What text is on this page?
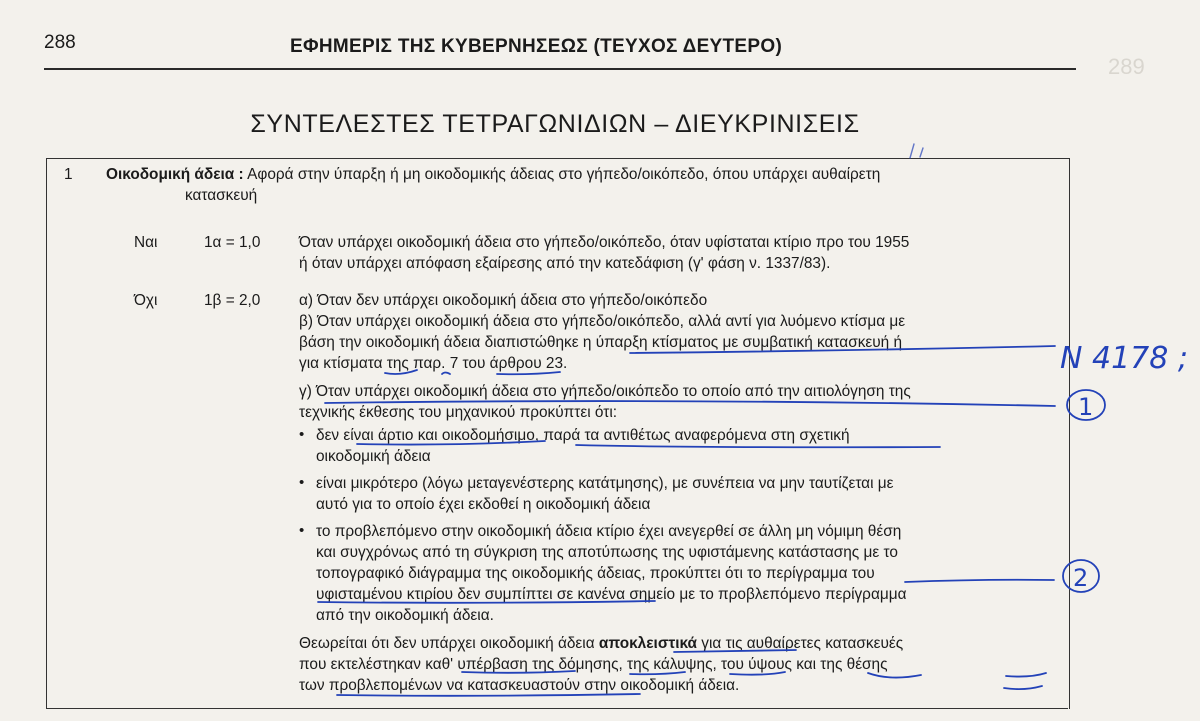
289
288	ΕΦΗΜΕΡΙΣ ΤΗΣ ΚΥΒΕΡΝΗΣΕΩΣ (ΤΕΥΧΟΣ ΔΕΥΤΕΡΟ)
ΣΥΝΤΕΛΕΣΤΕΣ ΤΕΤΡΑΓΩΝΙΔΙΩΝ – ΔΙΕΥΚΡΙΝΙΣΕΙΣ
1 Οικοδομική άδεια : Αφορά στην ύπαρξη ή μη οικοδομικής άδειας στο γήπεδο/οικόπεδο, όπου υπάρχει αυθαίρετη
κατασκευή
Ναι	1α = 1,0	Όταν υπάρχει οικοδομική άδεια στο γήπεδο/οικόπεδο, όταν υφίσταται κτίριο προ του 1955
ή όταν υπάρχει απόφαση εξαίρεσης από την κατεδάφιση (γ' φάση ν. 1337/83).
Όχι	1β = 2,0	α) Όταν δεν υπάρχει οικοδομική άδεια στο γήπεδο/οικόπεδο
β) Όταν υπάρχει οικοδομική άδεια στο γήπεδο/οικόπεδο, αλλά αντί για λυόμενο κτίσμα με
βάση την οικοδομική άδεια διαπιστώθηκε η ύπαρξη κτίσματος με συμβατική κατασκευή ή
για κτίσματα της παρ. 7 του άρθρου 23.
γ) Όταν υπάρχει οικοδομική άδεια στο γήπεδο/οικόπεδο το οποίο από την αιτιολόγηση της
τεχνικής έκθεσης του μηχανικού προκύπτει ότι:
• δεν είναι άρτιο και οικοδομήσιμο, παρά τα αντιθέτως αναφερόμενα στη σχετική
οικοδομική άδεια
• είναι μικρότερο (λόγω μεταγενέστερης κατάτμησης), με συνέπεια να μην ταυτίζεται με
αυτό για το οποίο έχει εκδοθεί η οικοδομική άδεια
• το προβλεπόμενο στην οικοδομική άδεια κτίριο έχει ανεγερθεί σε άλλη μη νόμιμη θέση
και συγχρόνως από τη σύγκριση της αποτύπωσης της υφιστάμενης κατάστασης με το
τοπογραφικό διάγραμμα της οικοδομικής άδειας, προκύπτει ότι το περίγραμμα του
υφισταμένου κτιρίου δεν συμπίπτει σε κανένα σημείο με το προβλεπόμενο περίγραμμα
από την οικοδομική άδεια.
Θεωρείται ότι δεν υπάρχει οικοδομική άδεια αποκλειστικά για τις αυθαίρετες κατασκευές
που εκτελέστηκαν καθ' υπέρβαση της δόμησης, της κάλυψης, του ύψους και της θέσης
των προβλεπομένων να κατασκευαστούν στην οικοδομική άδεια.
Ν 4178 ;
1
2
